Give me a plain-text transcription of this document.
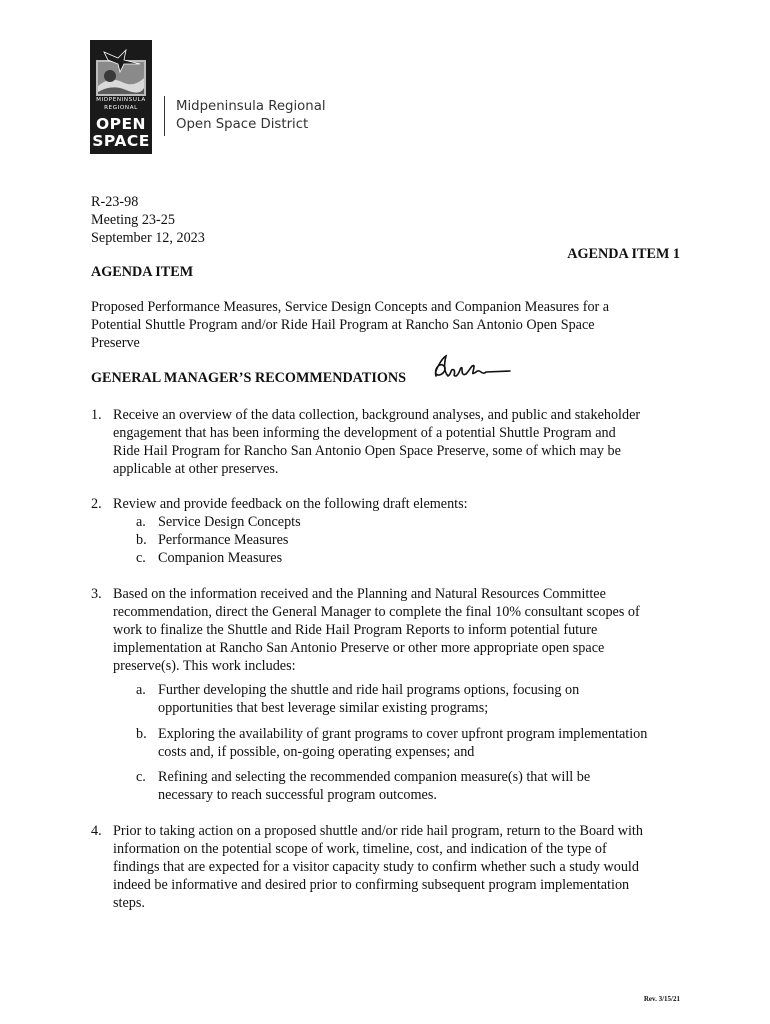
MIDPENINSULA
REGIONAL
OPEN
SPACE
Midpeninsula Regional
Open Space District
R-23-98
Meeting 23-25
September 12, 2023
AGENDA ITEM 1
AGENDA ITEM
Proposed Performance Measures, Service Design Concepts and Companion Measures for a
Potential Shuttle Program and/or Ride Hail Program at Rancho San Antonio Open Space
Preserve
GENERAL MANAGER’S RECOMMENDATIONS
1. Receive an overview of the data collection, background analyses, and public and stakeholder
engagement that has been informing the development of a potential Shuttle Program and
Ride Hail Program for Rancho San Antonio Open Space Preserve, some of which may be
applicable at other preserves.
2. Review and provide feedback on the following draft elements:
a. Service Design Concepts
b. Performance Measures
c. Companion Measures
3. Based on the information received and the Planning and Natural Resources Committee
recommendation, direct the General Manager to complete the final 10% consultant scopes of
work to finalize the Shuttle and Ride Hail Program Reports to inform potential future
implementation at Rancho San Antonio Preserve or other more appropriate open space
preserve(s). This work includes:
a. Further developing the shuttle and ride hail programs options, focusing on
opportunities that best leverage similar existing programs;
b. Exploring the availability of grant programs to cover upfront program implementation
costs and, if possible, on-going operating expenses; and
c. Refining and selecting the recommended companion measure(s) that will be
necessary to reach successful program outcomes.
4. Prior to taking action on a proposed shuttle and/or ride hail program, return to the Board with
information on the potential scope of work, timeline, cost, and indication of the type of
findings that are expected for a visitor capacity study to confirm whether such a study would
indeed be informative and desired prior to confirming subsequent program implementation
steps.
Rev. 3/15/21
